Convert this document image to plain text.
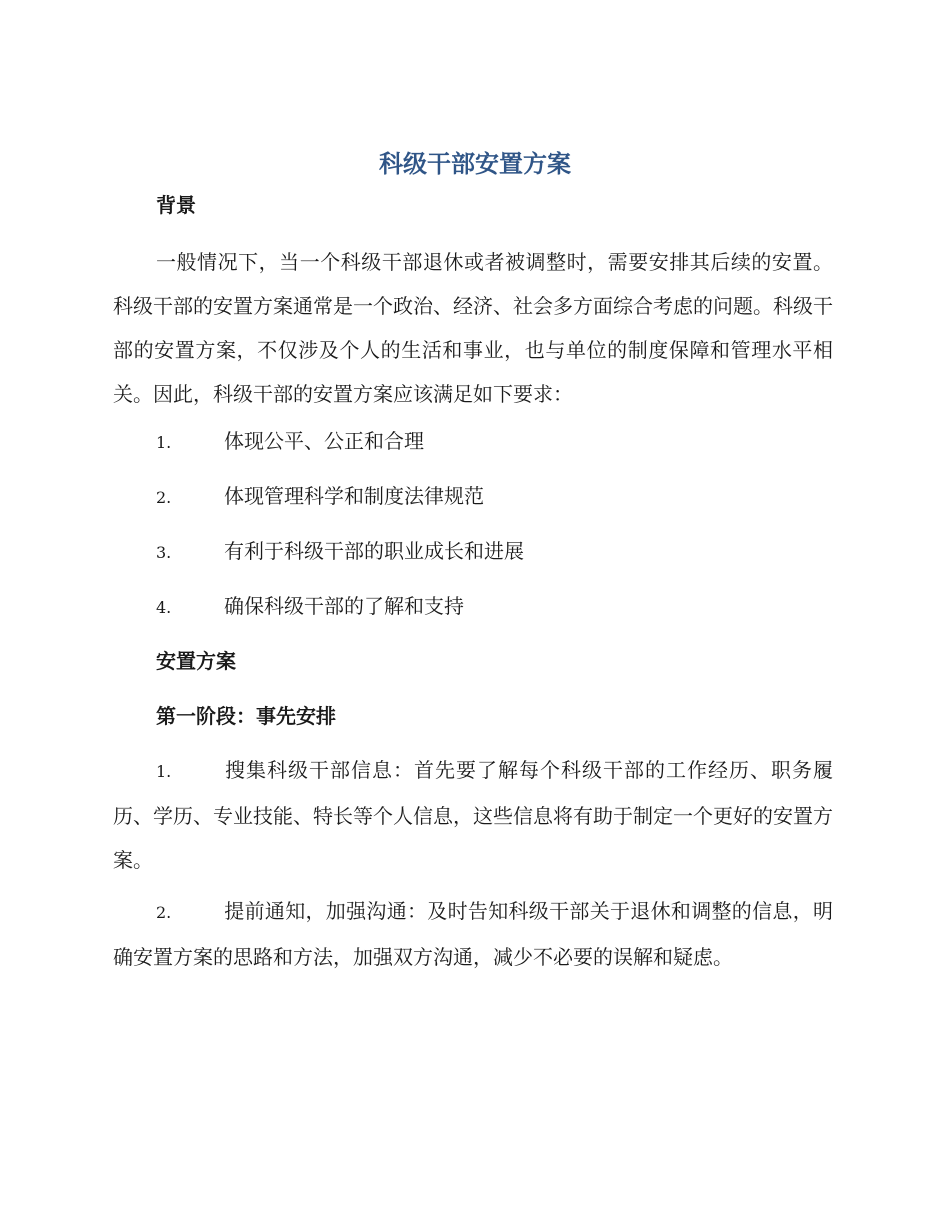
科级干部安置方案
背景

一般情况下，当一个科级干部退休或者被调整时，需要安排其后续的安置。科级干部的安置方案通常是一个政治、经济、社会多方面综合考虑的问题。科级干部的安置方案，不仅涉及个人的生活和事业，也与单位的制度保障和管理水平相关。因此，科级干部的安置方案应该满足如下要求：

1.	体现公平、公正和合理

2.	体现管理科学和制度法律规范

3.	有利于科级干部的职业成长和进展

4.	确保科级干部的了解和支持

安置方案
第一阶段：事先安排

1.	搜集科级干部信息：首先要了解每个科级干部的工作经历、职务履历、学历、专业技能、特长等个人信息，这些信息将有助于制定一个更好的安置方案。

2.	提前通知，加强沟通：及时告知科级干部关于退休和调整的信息，明确安置方案的思路和方法，加强双方沟通，减少不必要的误解和疑虑。
